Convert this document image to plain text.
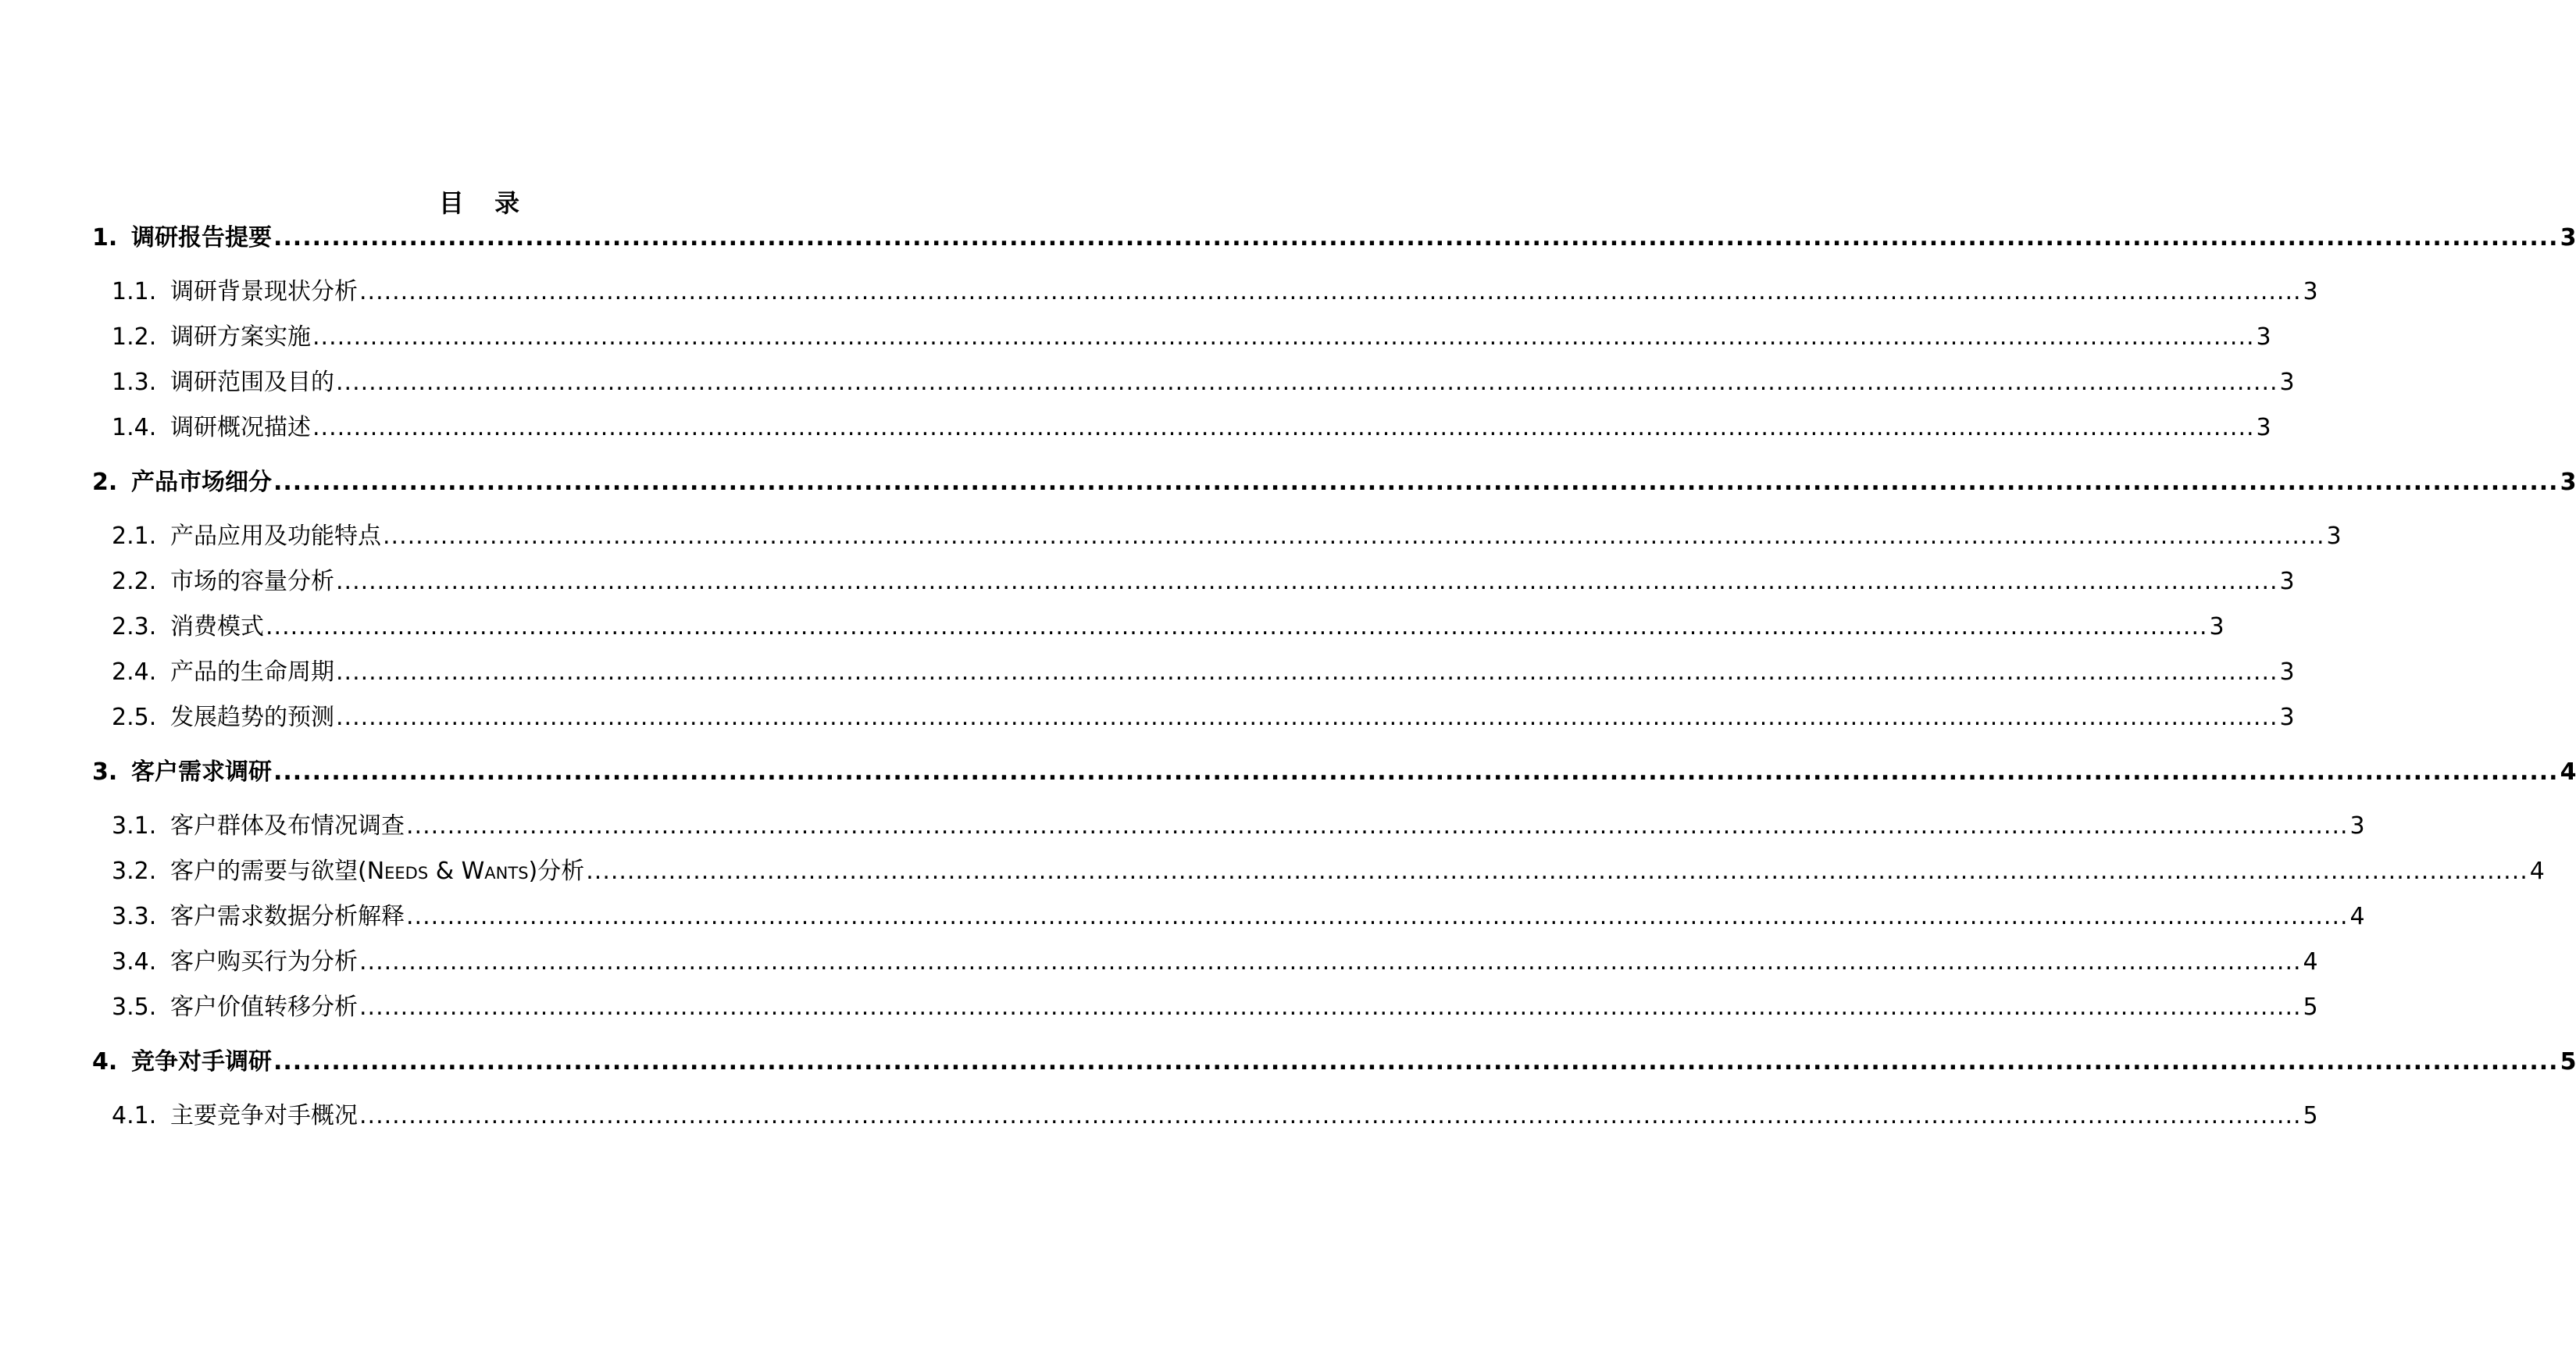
目 录
1. 调研报告提要 ............................................................................................................................................................................................................................................ 3
1.1. 调研背景现状分析 ............................................................................................................................................................................................................................................ 3
1.2. 调研方案实施 ............................................................................................................................................................................................................................................ 3
1.3. 调研范围及目的 ............................................................................................................................................................................................................................................ 3
1.4. 调研概况描述 ............................................................................................................................................................................................................................................ 3
2. 产品市场细分 ............................................................................................................................................................................................................................................ 3
2.1. 产品应用及功能特点 ............................................................................................................................................................................................................................................ 3
2.2. 市场的容量分析 ............................................................................................................................................................................................................................................ 3
2.3. 消费模式 ............................................................................................................................................................................................................................................ 3
2.4. 产品的生命周期 ............................................................................................................................................................................................................................................ 3
2.5. 发展趋势的预测 ............................................................................................................................................................................................................................................ 3
3. 客户需求调研 ............................................................................................................................................................................................................................................ 4
3.1. 客户群体及布情况调查 ............................................................................................................................................................................................................................................ 3
3.2. 客户的需要与欲望(Needs & Wants)分析 ............................................................................................................................................................................................................................................ 4
3.3. 客户需求数据分析解释 ............................................................................................................................................................................................................................................ 4
3.4. 客户购买行为分析 ............................................................................................................................................................................................................................................ 4
3.5. 客户价值转移分析 ............................................................................................................................................................................................................................................ 5
4. 竞争对手调研 ............................................................................................................................................................................................................................................ 5
4.1. 主要竞争对手概况 ............................................................................................................................................................................................................................................ 5
